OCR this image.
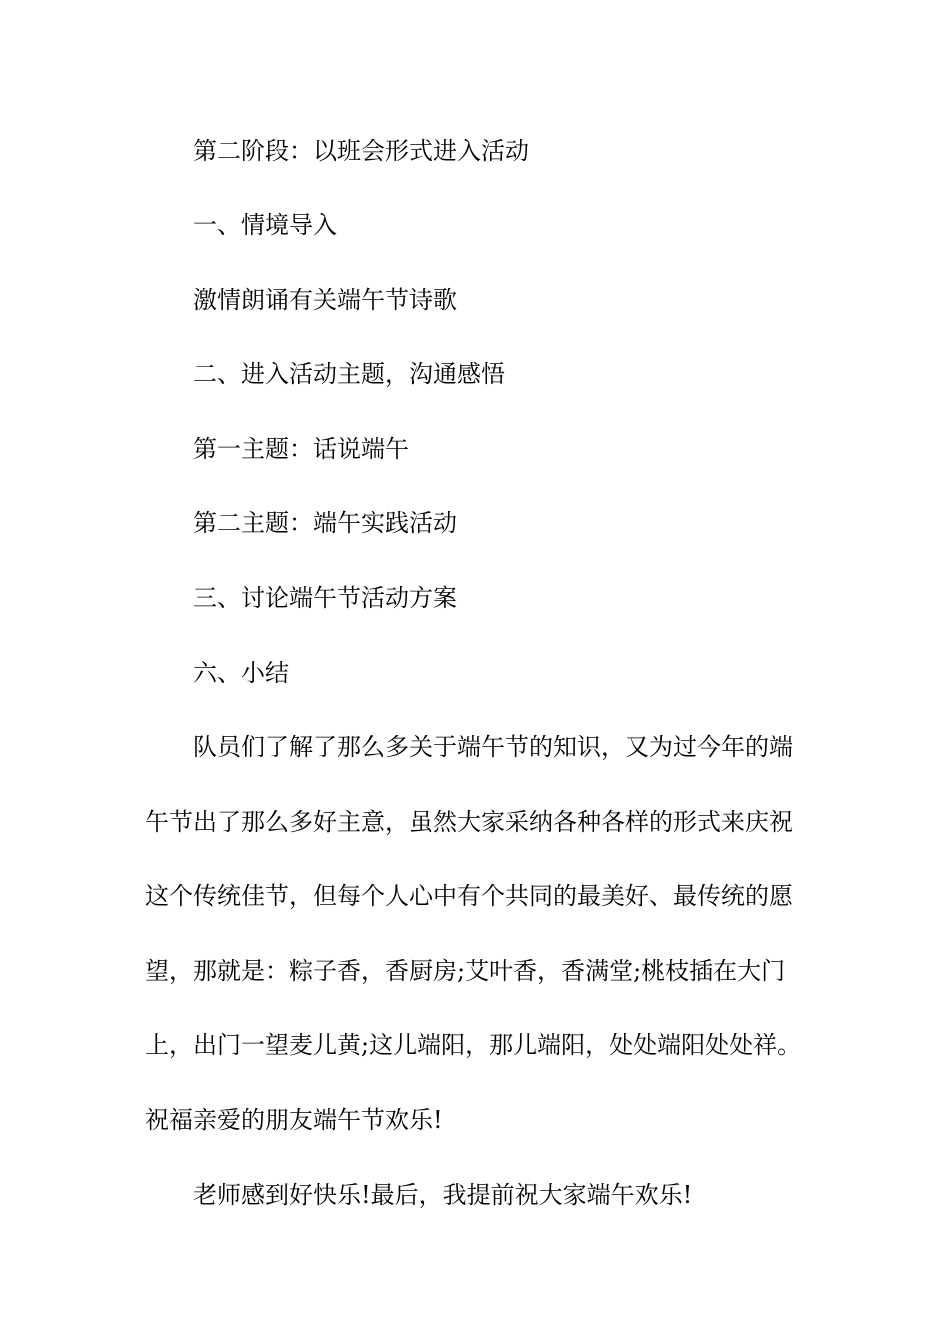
第二阶段：以班会形式进入活动
一、情境导入
激情朗诵有关端午节诗歌
二、进入活动主题，沟通感悟
第一主题：话说端午
第二主题：端午实践活动
三、讨论端午节活动方案
六、小结
队员们了解了那么多关于端午节的知识，又为过今年的端
午节出了那么多好主意，虽然大家采纳各种各样的形式来庆祝
这个传统佳节，但每个人心中有个共同的最美好、最传统的愿
望，那就是：粽子香，香厨房;艾叶香，香满堂;桃枝插在大门
上，出门一望麦儿黄;这儿端阳，那儿端阳，处处端阳处处祥。
祝福亲爱的朋友端午节欢乐!
老师感到好快乐!最后，我提前祝大家端午欢乐!
